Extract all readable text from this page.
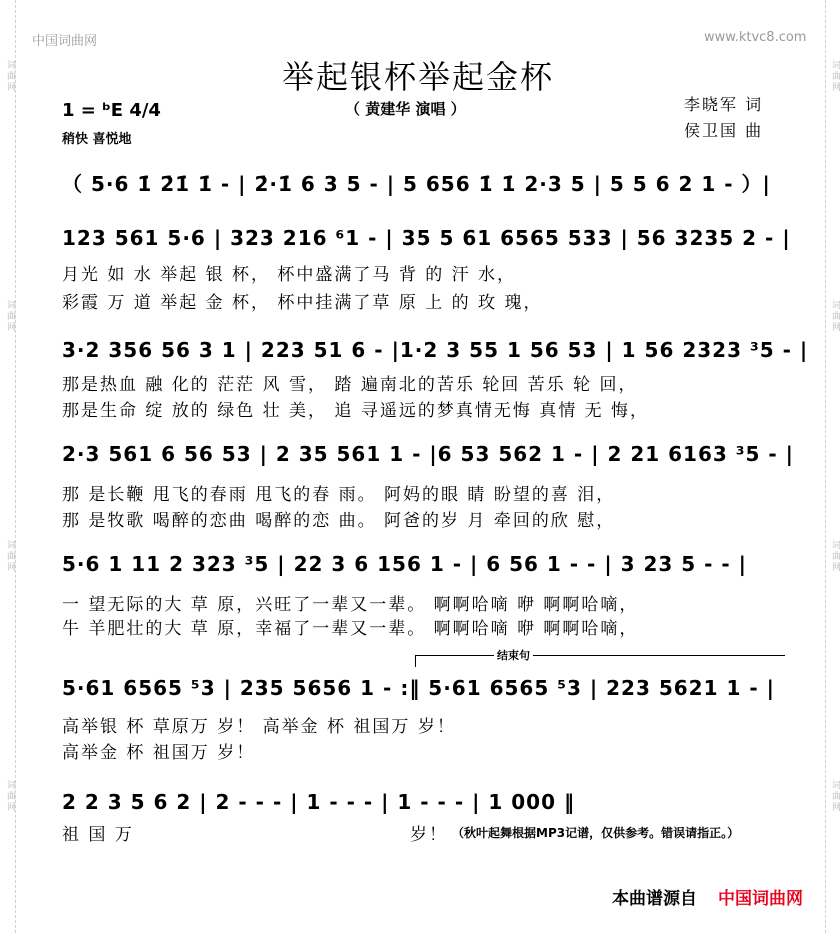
词曲网
词曲网
词曲网
词曲网
词曲网
词曲网
词曲网
词曲网
中国词曲网	www.ktvc8.com
举起银杯举起金杯
（ 黄建华 演唱 ）
1 = ᵇE 4/4
稍快 喜悦地
李晓军 词
侯卫国 曲
（ 5·6 1̇ 2̇1̇ 1̇ - | 2̇·1̇ 6 3 5 - | 5 656 1̇ 1̇ 2·3 5 | 5 5 6 2 1 - ）|
123 561 5·6 | 323 216 ⁶1 - | 35 5 61 6565 533 | 56 3235 2 - |
月光 如 水 举起 银 杯， 杯中盛满了马 背 的 汗 水，
彩霞 万 道 举起 金 杯， 杯中挂满了草 原 上 的 玫 瑰，
3·2 356 56 3 1 | 223 51 6 - |1·2 3 55 1 56 53 | 1 56 2323 ³5 - |
那是热血 融 化的 茫茫 风 雪， 踏 遍南北的苦乐 轮回 苦乐 轮 回，
那是生命 绽 放的 绿色 壮 美， 追 寻遥远的梦真情无悔 真情 无 悔，
2·3 561 6 56 53 | 2 35 561 1 - |6 53 562 1 - | 2 21 6163 ³5 - |
那 是长鞭 甩飞的春雨 甩飞的春 雨。 阿妈的眼 睛 盼望的喜 泪，
那 是牧歌 喝醉的恋曲 喝醉的恋 曲。 阿爸的岁 月 牵回的欣 慰，
5·6 1 11 2 323 ³5 | 22 3 6 156 1 - | 6 56 1 - - | 3 23 5 - - |
一 望无际的大 草 原，兴旺了一辈又一辈。 啊啊哈嘀 咿 啊啊哈嘀，
牛 羊肥壮的大 草 原，幸福了一辈又一辈。 啊啊哈嘀 咿 啊啊哈嘀，
结束句
5·61 6565 ⁵3 | 235 5656 1 - :‖ 5·61 6565 ⁵3 | 223 5621 1 - |
高举银 杯 草原万 岁！ 高举金 杯 祖国万 岁！
高举金 杯 祖国万 岁！
2 2 3 5 6 2 | 2 - - - | 1 - - - | 1 - - - | 1 000 ‖
祖 国 万	岁！ （秋叶起舞根据MP3记谱，仅供参考。错误请指正。）
本曲谱源自 中国词曲网
